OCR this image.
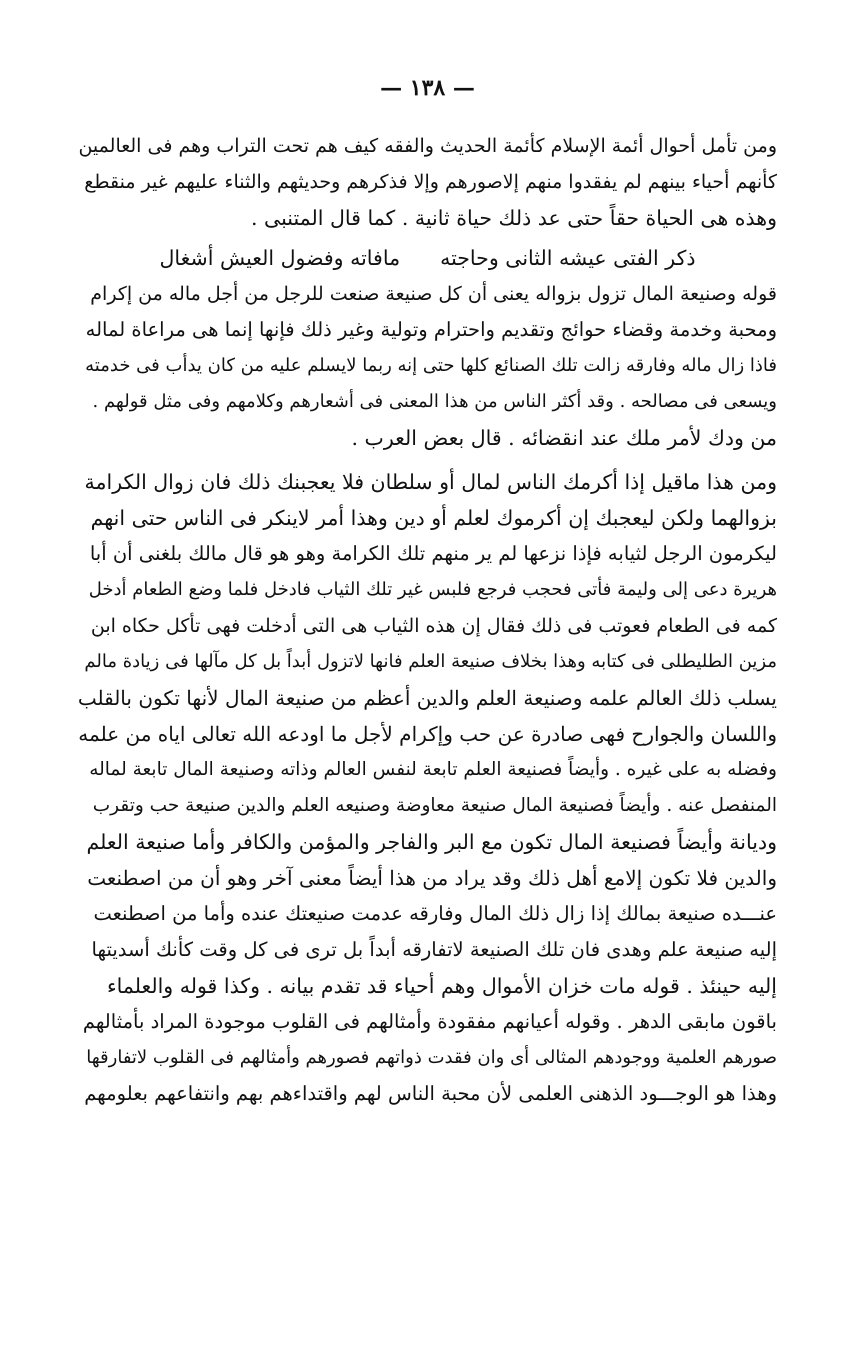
— ١٣٨ —
ومن تأمل أحوال أئمة الإسلام كأئمة الحديث والفقه كيف هم تحت التراب وهم فى العالمين
كأنهم أحياء بينهم لم يفقدوا منهم إلاصورهم وإلا فذكرهم وحديثهم والثناء عليهم غير منقطع
وهذه هى الحياة حقاً حتى عد ذلك حياة ثانية . كما قال المتنبى .
ذكر الفتى عيشه الثانى وحاجته
مافاته وفضول العيش أشغال
قوله وصنيعة المال تزول بزواله يعنى أن كل صنيعة صنعت للرجل من أجل ماله من إكرام
ومحبة وخدمة وقضاء حوائج وتقديم واحترام وتولية وغير ذلك فإنها إنما هى مراعاة لماله
فاذا زال ماله وفارقه زالت تلك الصنائع كلها حتى إنه ربما لايسلم عليه من كان يدأب فى خدمته
ويسعى فى مصالحه . وقد أكثر الناس من هذا المعنى فى أشعارهم وكلامهم وفى مثل قولهم .
من ودك لأمر ملك عند انقضائه . قال بعض العرب .
ومن هذا ماقيل إذا أكرمك الناس لمال أو سلطان فلا يعجبنك ذلك فان زوال الكرامة
بزوالهما ولكن ليعجبك إن أكرموك لعلم أو دين وهذا أمر لاينكر فى الناس حتى انهم
ليكرمون الرجل لثيابه فإذا نزعها لم ير منهم تلك الكرامة وهو هو قال مالك بلغنى أن أبا
هريرة دعى إلى وليمة فأتى فحجب فرجع فلبس غير تلك الثياب فادخل فلما وضع الطعام أدخل
كمه فى الطعام فعوتب فى ذلك فقال إن هذه الثياب هى التى أدخلت فهى تأكل حكاه ابن
مزين الطليطلى فى كتابه وهذا بخلاف صنيعة العلم فانها لاتزول أبداً بل كل مآلها فى زيادة مالم
يسلب ذلك العالم علمه وصنيعة العلم والدين أعظم من صنيعة المال لأنها تكون بالقلب
واللسان والجوارح فهى صادرة عن حب وإكرام لأجل ما اودعه الله تعالى اياه من علمه
وفضله به على غيره . وأيضاً فصنيعة العلم تابعة لنفس العالم وذاته وصنيعة المال تابعة لماله
المنفصل عنه . وأيضاً فصنيعة المال صنيعة معاوضة وصنيعه العلم والدين صنيعة حب وتقرب
وديانة وأيضاً فصنيعة المال تكون مع البر والفاجر والمؤمن والكافر وأما صنيعة العلم
والدين فلا تكون إلامع أهل ذلك وقد يراد من هذا أيضاً معنى آخر وهو أن من اصطنعت
عنـــده صنيعة بمالك إذا زال ذلك المال وفارقه عدمت صنيعتك عنده وأما من اصطنعت
إليه صنيعة علم وهدى فان تلك الصنيعة لاتفارقه أبداً بل ترى فى كل وقت كأنك أسديتها
إليه حينئذ . قوله مات خزان الأموال وهم أحياء قد تقدم بيانه . وكذا قوله والعلماء
باقون مابقى الدهر . وقوله أعيانهم مفقودة وأمثالهم فى القلوب موجودة المراد بأمثالهم
صورهم العلمية ووجودهم المثالى أى وان فقدت ذواتهم فصورهم وأمثالهم فى القلوب لاتفارقها
وهذا هو الوجـــود الذهنى العلمى لأن محبة الناس لهم واقتداءهم بهم وانتفاعهم بعلومهم
